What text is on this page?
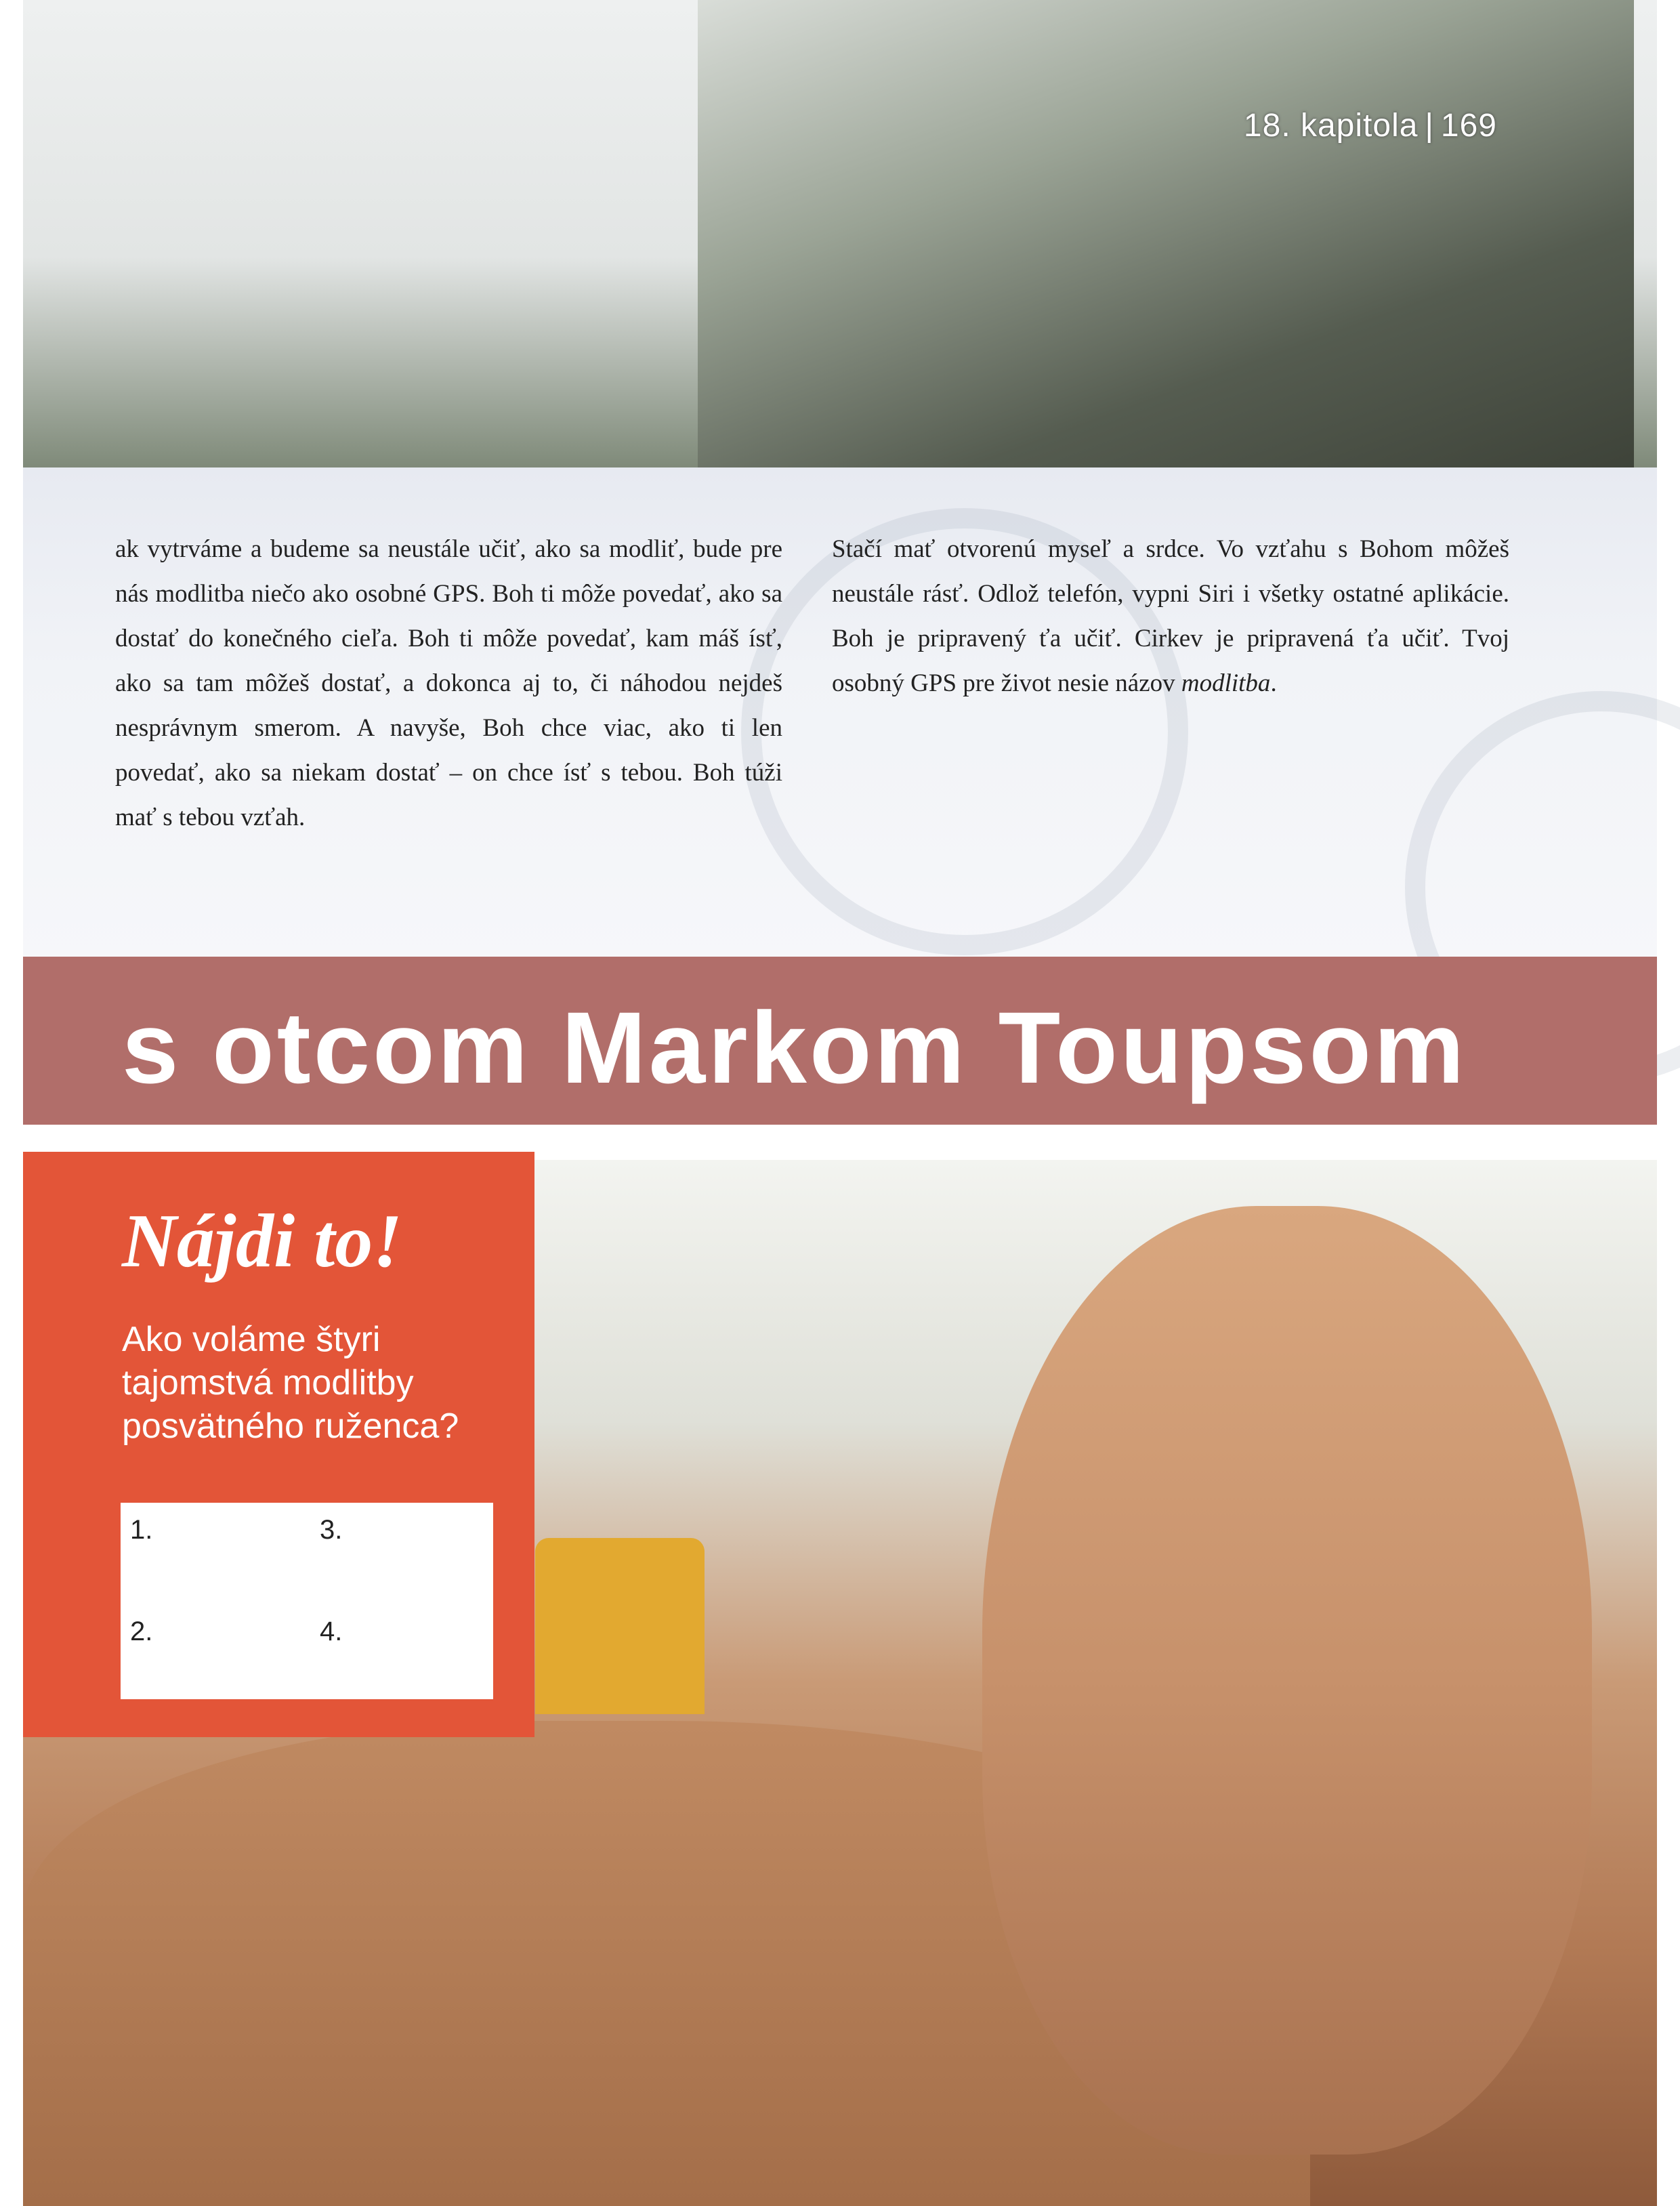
18. kapitola | 169

ak vytrváme a budeme sa neustále učiť, ako sa modliť, bude pre nás modlitba niečo ako osobné GPS. Boh ti môže povedať, ako sa dostať do konečného cieľa. Boh ti môže povedať, kam máš ísť, ako sa tam môžeš dostať, a dokonca aj to, či náhodou nejdeš nesprávnym smerom. A navyše, Boh chce viac, ako ti len povedať, ako sa niekam dostať – on chce ísť s tebou. Boh túži mať s tebou vzťah.

Stačí mať otvorenú myseľ a srdce. Vo vzťahu s Bohom môžeš neustále rásť. Odlož telefón, vypni Siri i všetky ostatné aplikácie. Boh je pripravený ťa učiť. Cirkev je pripravená ťa učiť. Tvoj osobný GPS pre život nesie názov modlitba.

s otcom Markom Toupsom
Nájdi to!
Ako voláme štyri tajomstvá modlitby posvätného ruženca?
1.
2.
3.
4.
